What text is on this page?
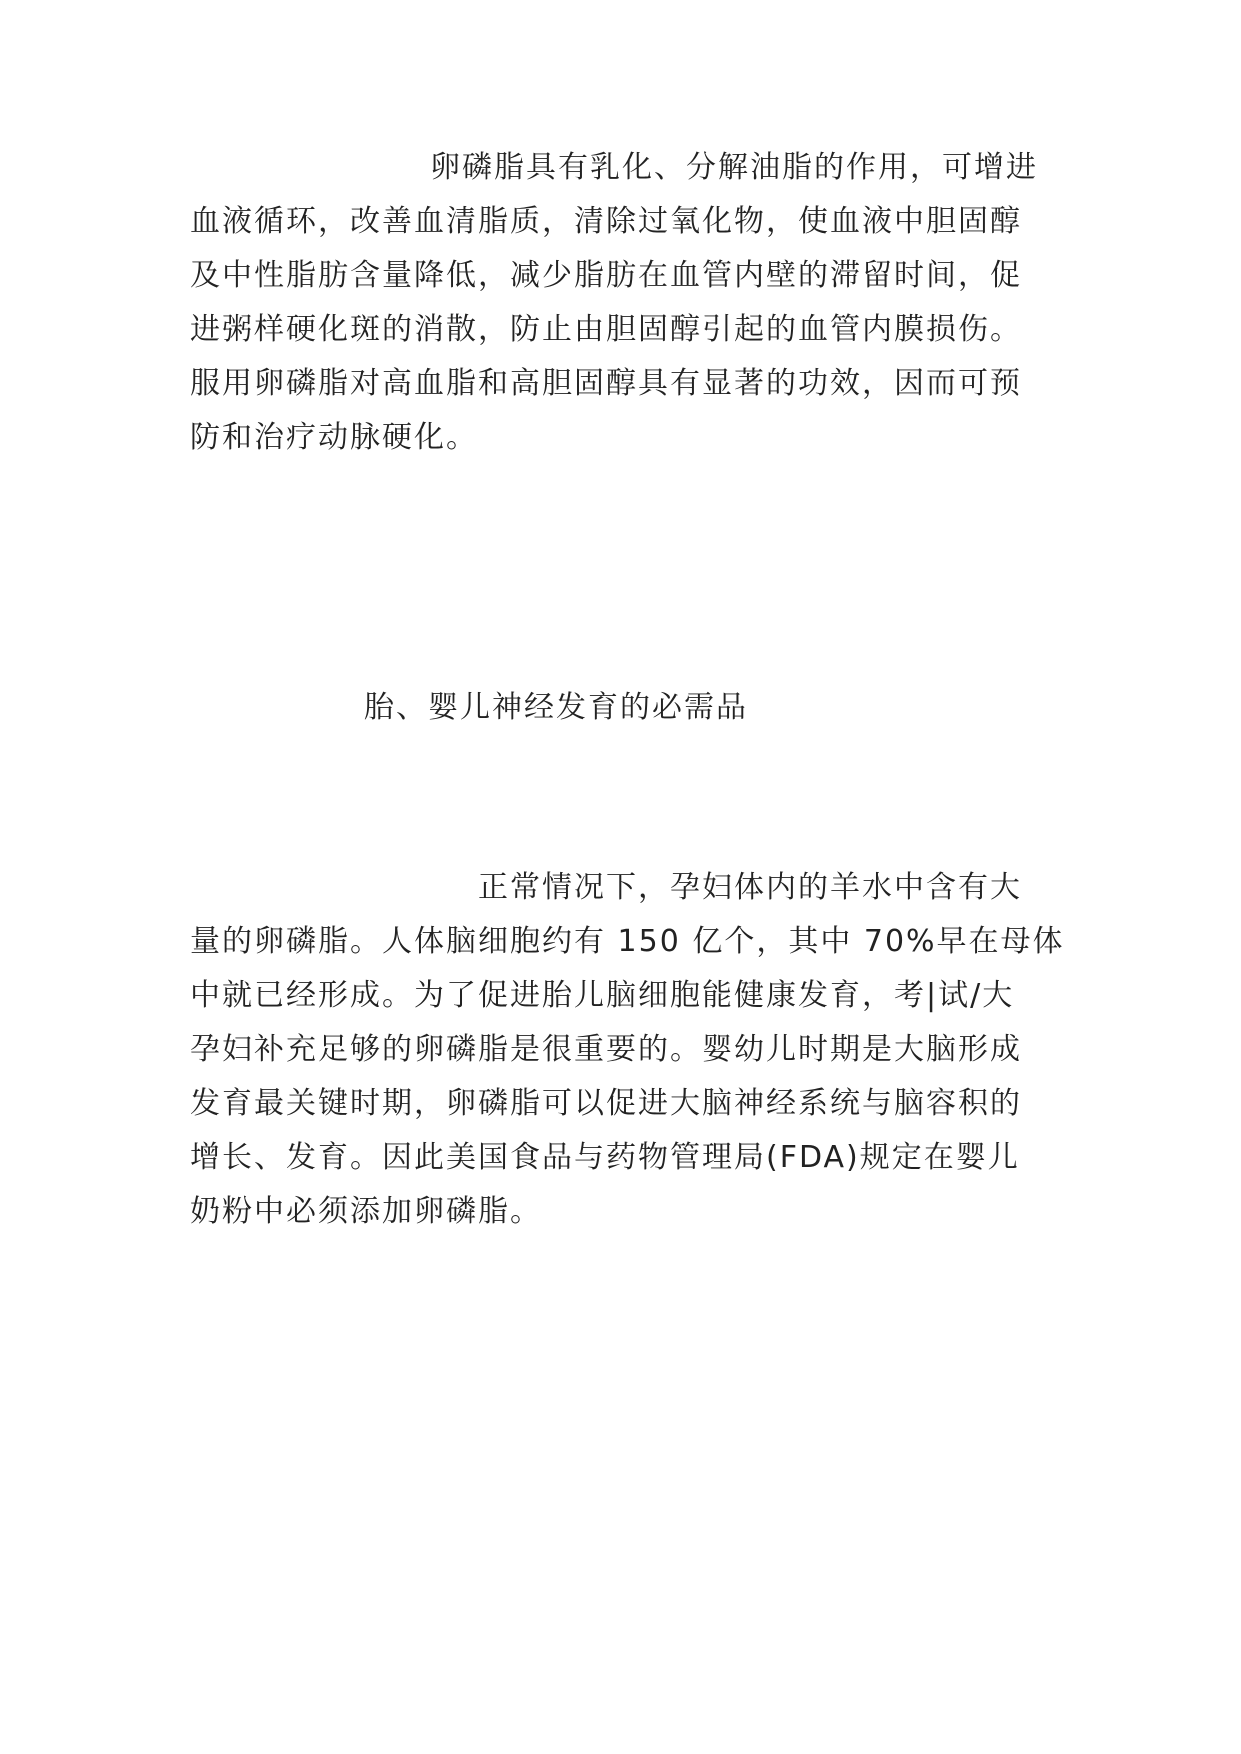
卵磷脂具有乳化、分解油脂的作用，可增进

血液循环，改善血清脂质，清除过氧化物，使血液中胆固醇

及中性脂肪含量降低，减少脂肪在血管内壁的滞留时间，促

进粥样硬化斑的消散，防止由胆固醇引起的血管内膜损伤。

服用卵磷脂对高血脂和高胆固醇具有显著的功效，因而可预

防和治疗动脉硬化。

胎、婴儿神经发育的必需品

正常情况下，孕妇体内的羊水中含有大

量的卵磷脂。人体脑细胞约有 150 亿个，其中 70%早在母体

中就已经形成。为了促进胎儿脑细胞能健康发育，考|试/大

孕妇补充足够的卵磷脂是很重要的。婴幼儿时期是大脑形成

发育最关键时期，卵磷脂可以促进大脑神经系统与脑容积的

增长、发育。因此美国食品与药物管理局(FDA)规定在婴儿

奶粉中必须添加卵磷脂。
